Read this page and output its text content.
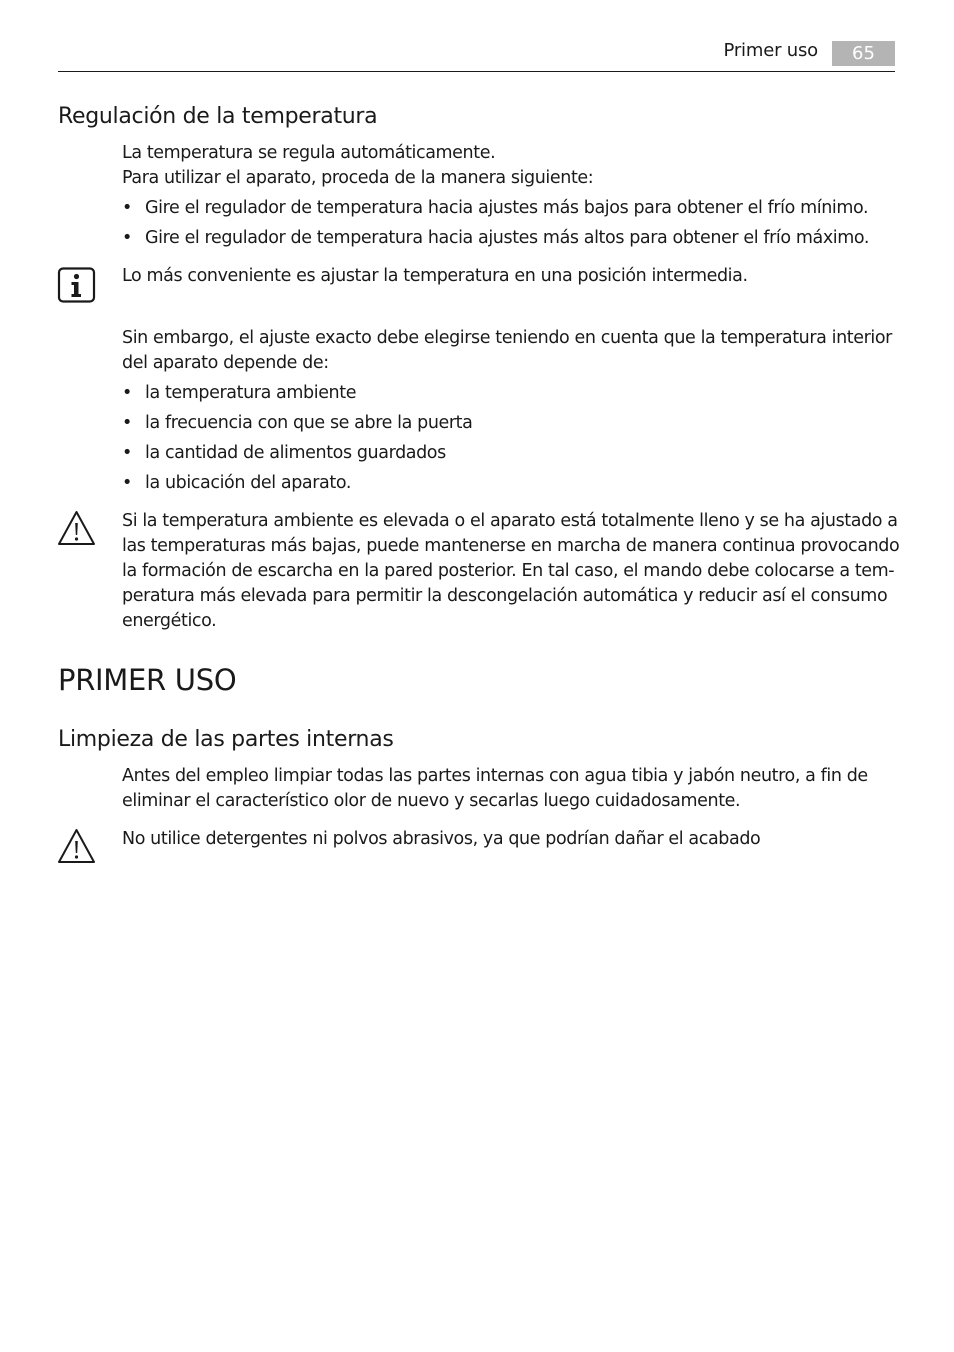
Primer uso	65
Regulación de la temperatura

La temperatura se regula automáticamente.
Para utilizar el aparato, proceda de la manera siguiente:

• Gire el regulador de temperatura hacia ajustes más bajos para obtener el frío mínimo.
• Gire el regulador de temperatura hacia ajustes más altos para obtener el frío máximo.

Lo más conveniente es ajustar la temperatura en una posición intermedia.

Sin embargo, el ajuste exacto debe elegirse teniendo en cuenta que la temperatura interior
del aparato depende de:

• la temperatura ambiente
• la frecuencia con que se abre la puerta
• la cantidad de alimentos guardados
• la ubicación del aparato.

Si la temperatura ambiente es elevada o el aparato está totalmente lleno y se ha ajustado a
las temperaturas más bajas, puede mantenerse en marcha de manera continua provocando
la formación de escarcha en la pared posterior. En tal caso, el mando debe colocarse a tem-
peratura más elevada para permitir la descongelación automática y reducir así el consumo
energético.

PRIMER USO
Limpieza de las partes internas

Antes del empleo limpiar todas las partes internas con agua tibia y jabón neutro, a fin de
eliminar el característico olor de nuevo y secarlas luego cuidadosamente.

No utilice detergentes ni polvos abrasivos, ya que podrían dañar el acabado
